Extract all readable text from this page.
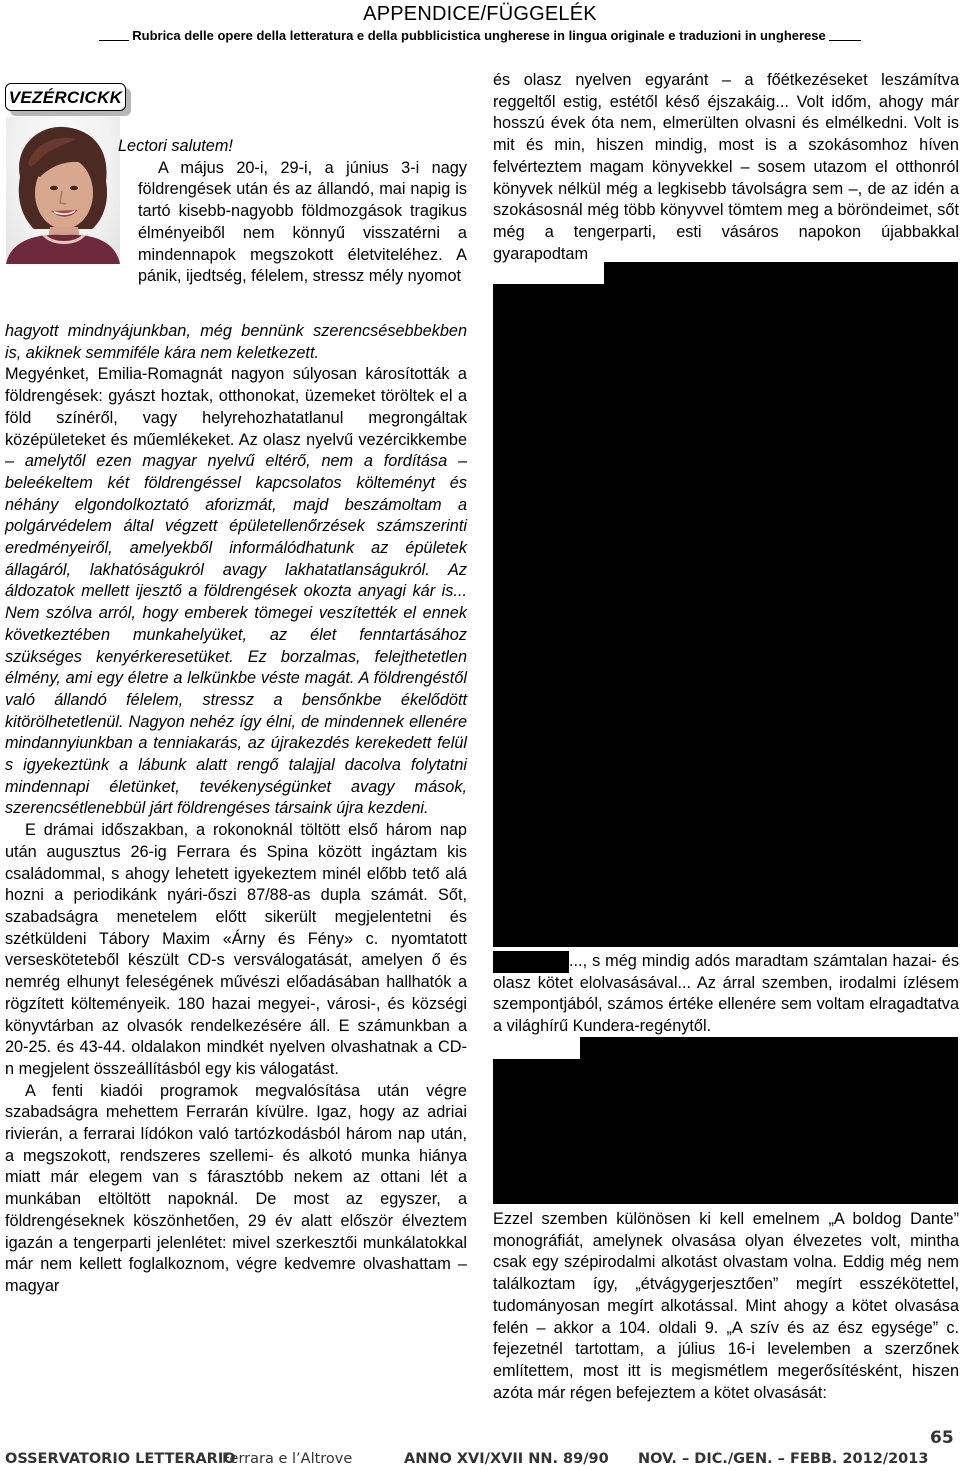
APPENDICE/FÜGGELÉK
Rubrica delle opere della letteratura e della pubblicistica ungherese in lingua originale e traduzioni in ungherese
VEZÉRCICKK

Lectori salutem!

A május 20-i, 29-i, a június 3-i nagy földrengések után és az állandó, mai napig is tartó kisebb-nagyobb földmozgások tragikus élményeiből nem könnyű visszatérni a mindennapok megszokott életviteléhez. A pánik, ijedtség, félelem, stressz mély nyomot

hagyott mindnyájunkban, még bennünk szerencsésebbekben is, akiknek semmiféle kára nem keletkezett.

Megyénket, Emilia-Romagnát nagyon súlyosan károsították a földrengések: gyászt hoztak, otthonokat, üzemeket töröltek el a föld színéről, vagy helyrehozhatatlanul megrongáltak középületeket és műemlékeket. Az olasz nyelvű vezércikkembe – amelytől ezen magyar nyelvű eltérő, nem a fordítása – beleékeltem két földrengéssel kapcsolatos költeményt és néhány elgondolkoztató aforizmát, majd beszámoltam a polgárvédelem által végzett épületellenőrzések számszerinti eredményeiről, amelyekből informálódhatunk az épületek állagáról, lakhatóságukról avagy lakhatatlanságukról. Az áldozatok mellett ijesztő a földrengések okozta anyagi kár is... Nem szólva arról, hogy emberek tömegei veszítették el ennek következtében munkahelyüket, az élet fenntartásához szükséges kenyérkeresetüket. Ez borzalmas, felejthetetlen élmény, ami egy életre a lelkünkbe véste magát. A földrengéstől való állandó félelem, stressz a bensőnkbe ékelődött kitörölhetetlenül. Nagyon nehéz így élni, de mindennek ellenére mindannyiunkban a tenniakarás, az újrakezdés kerekedett felül s igyekeztünk a lábunk alatt rengő talajjal dacolva folytatni mindennapi életünket, tevékenységünket avagy mások, szerencsétlenebbül járt földrengéses társaink újra kezdeni.

E drámai időszakban, a rokonoknál töltött első három nap után augusztus 26-ig Ferrara és Spina között ingáztam kis családommal, s ahogy lehetett igyekeztem minél előbb tető alá hozni a periodikánk nyári-őszi 87/88-as dupla számát. Sőt, szabadságra menetelem előtt sikerült megjelentetni és szétküldeni Tábory Maxim «Árny és Fény» c. nyomtatott versesköteteből készült CD-s versválogatását, amelyen ő és nemrég elhunyt feleségének művészi előadásában hallhatók a rögzített költeményeik. 180 hazai megyei-, városi-, és községi könyvtárban az olvasók rendelkezésére áll. E számunkban a 20-25. és 43-44. oldalakon mindkét nyelven olvashatnak a CD-n megjelent összeállításból egy kis válogatást.

A fenti kiadói programok megvalósítása után végre szabadságra mehettem Ferrarán kívülre. Igaz, hogy az adriai rivierán, a ferrarai lídókon való tartózkodásból három nap után, a megszokott, rendszeres szellemi- és alkotó munka hiánya miatt már elegem van s fárasztóbb nekem az ottani lét a munkában eltöltött napoknál. De most az egyszer, a földrengéseknek köszönhetően, 29 év alatt először élveztem igazán a tengerparti jelenlétet: mivel szerkesztői munkálatokkal már nem kellett foglalkoznom, végre kedvemre olvashattam – magyar

és olasz nyelven egyaránt – a főétkezéseket leszámítva reggeltől estig, estétől késő éjszakáig... Volt időm, ahogy már hosszú évek óta nem, elmerülten olvasni és elmélkedni. Volt is mit és min, hiszen mindig, most is a szokásomhoz híven felvértеztem magam könyvekkel – sosem utazom el otthonról könyvek nélkül még a legkisebb távolságra sem –, de az idén a szokásosnál még több könyvvel tömtem meg a böröndeimet, sőt még a tengerparti, esti vásáros napokon újabbakkal gyarapodtam
..., s még mindig adós maradtam számtalan hazai- és olasz kötet elolvasásával... Az árral szemben, irodalmi ízlésem szempontjából, számos értéke ellenére sem voltam elragadtatva a világhírű Kundera-regénytől.
Ezzel szemben különösen ki kell emelnem „A boldog Dante” monográfiát, amelynek olvasása olyan élvezetes volt, mintha csak egy szépirodalmi alkotást olvastam volna. Eddig még nem találkoztam így, „étvágygerjesztően” megírt esszékötettel, tudományosan megírt alkotással. Mint ahogy a kötet olvasása felén – akkor a 104. oldali 9. „A szív és az ész egysége” c. fejezetnél tartottam, a július 16-i levelemben a szerzőnek említettem, most itt is megismétlem megerősítésként, hiszen azóta már régen befejeztem a kötet olvasását:
65
OSSERVATORIO LETTERARIO
Ferrara e l’Altrove	ANNO XVI/XVII NN. 89/90 NOV. – DIC./GEN. – FEBB. 2012/2013
